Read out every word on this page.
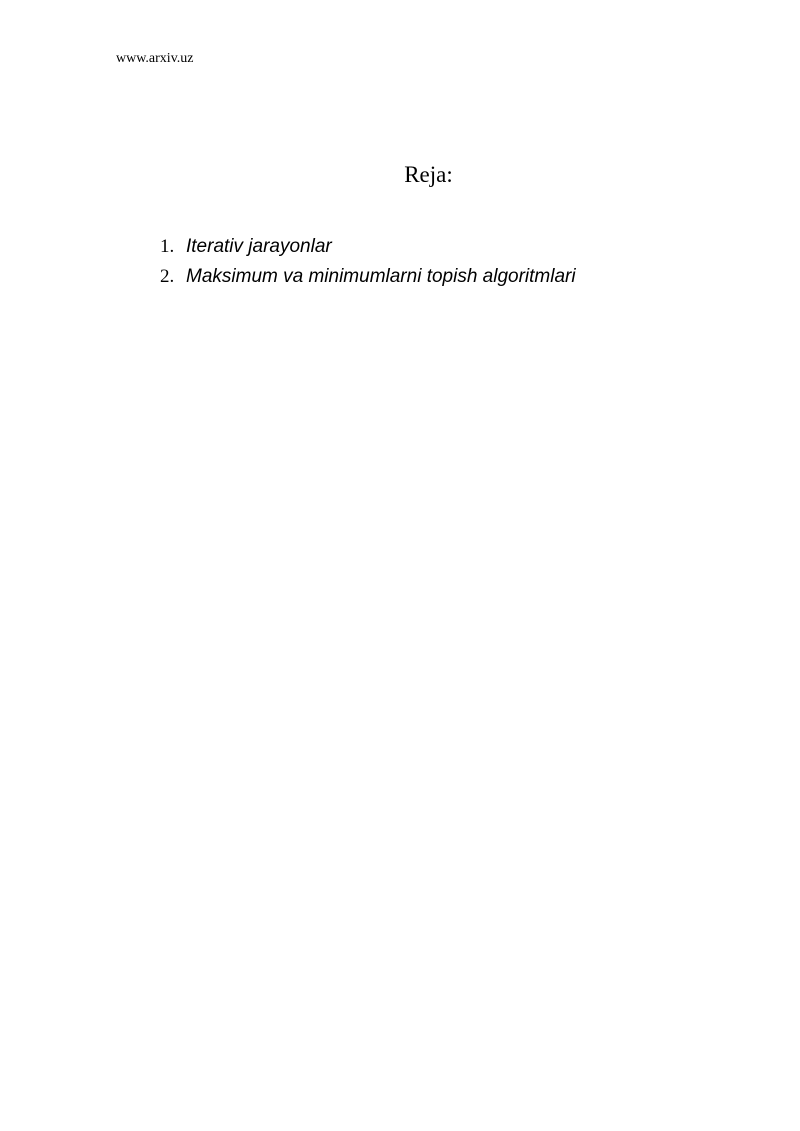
www.arxiv.uz
Reja:
1. Iterativ jarayonlar
2. Maksimum va minimumlarni topish algoritmlari
